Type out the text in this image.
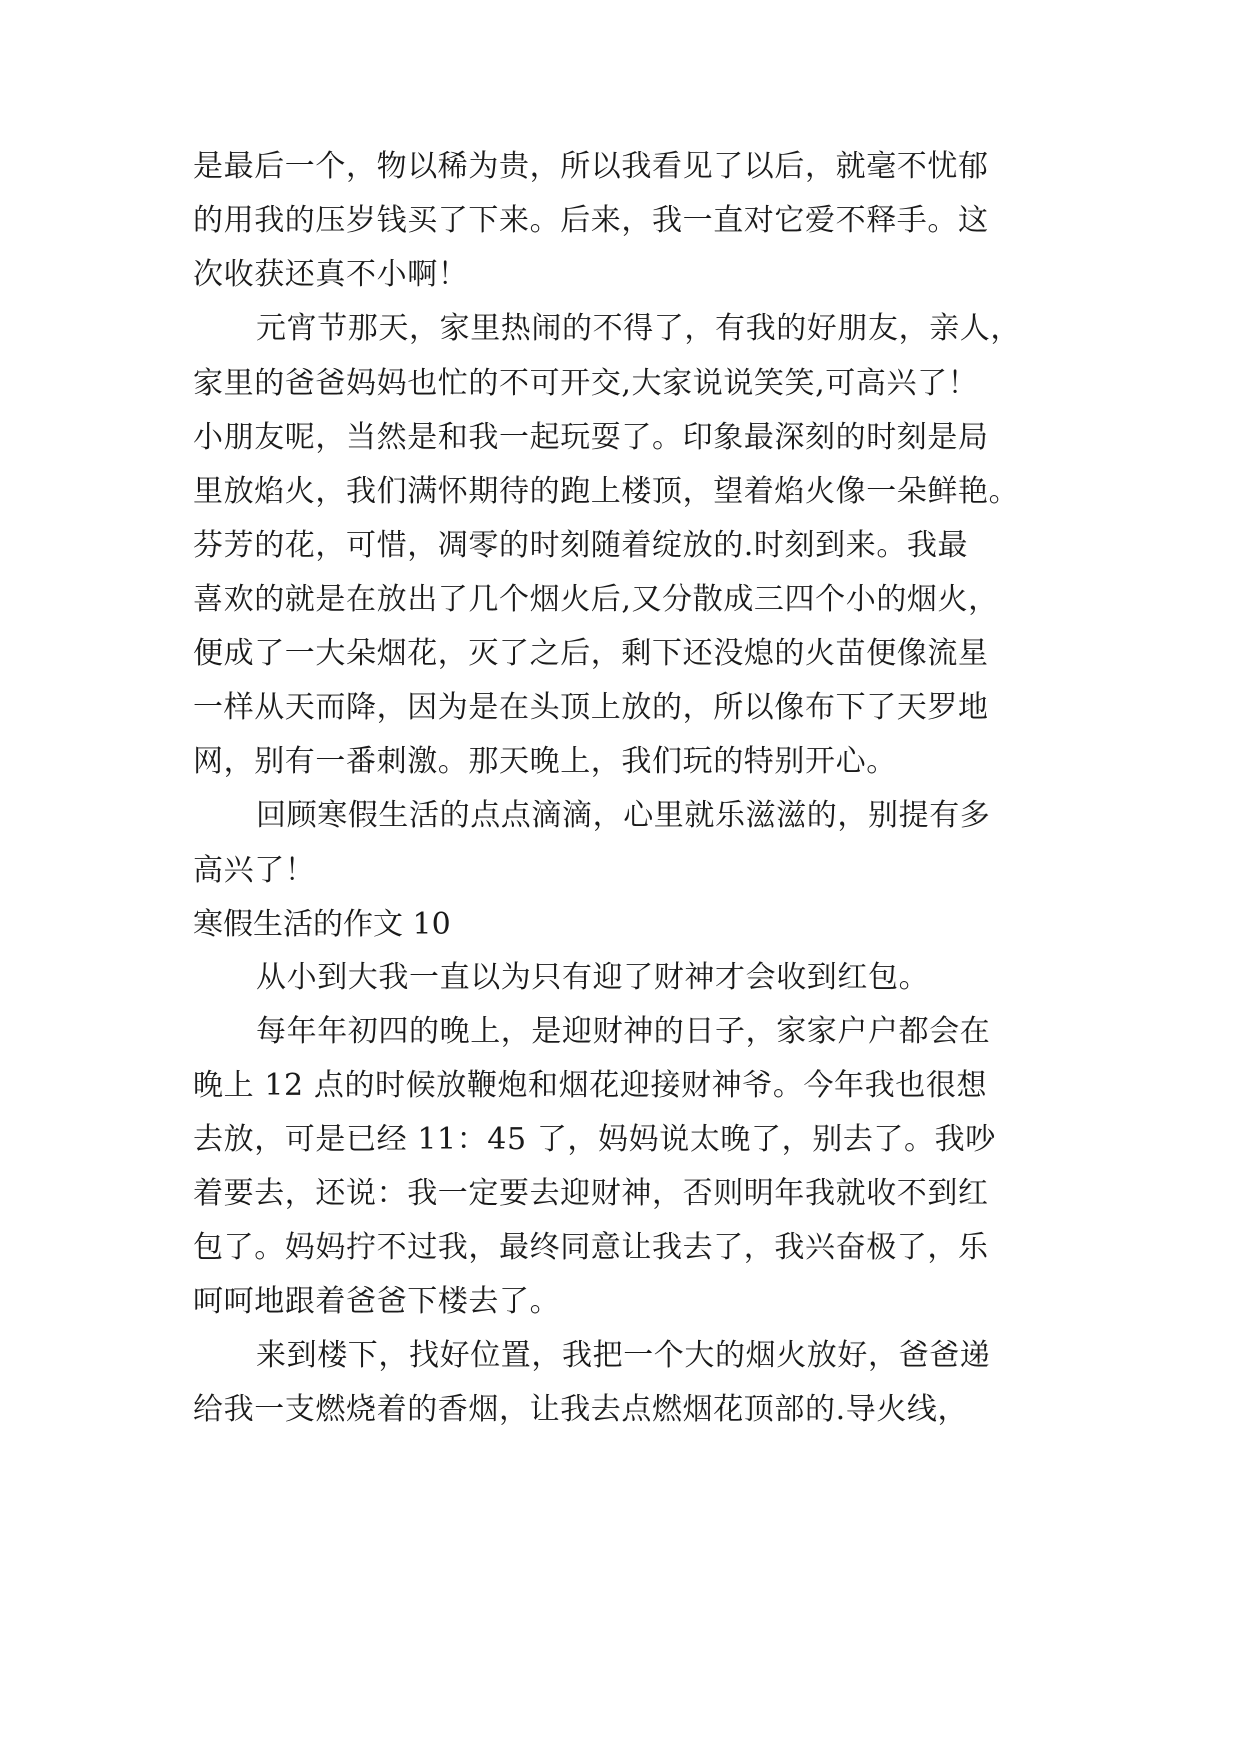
是最后一个，物以稀为贵，所以我看见了以后，就毫不忧郁

的用我的压岁钱买了下来。后来，我一直对它爱不释手。这

次收获还真不小啊！

元宵节那天，家里热闹的不得了，有我的好朋友，亲人，

家里的爸爸妈妈也忙的不可开交,大家说说笑笑,可高兴了！

小朋友呢，当然是和我一起玩耍了。印象最深刻的时刻是局

里放焰火，我们满怀期待的跑上楼顶，望着焰火像一朵鲜艳。

芬芳的花，可惜，凋零的时刻随着绽放的.时刻到来。我最

喜欢的就是在放出了几个烟火后,又分散成三四个小的烟火，

便成了一大朵烟花，灭了之后，剩下还没熄的火苗便像流星

一样从天而降，因为是在头顶上放的，所以像布下了天罗地

网，别有一番刺激。那天晚上，我们玩的特别开心。

回顾寒假生活的点点滴滴，心里就乐滋滋的，别提有多

高兴了！

寒假生活的作文 10

从小到大我一直以为只有迎了财神才会收到红包。

每年年初四的晚上，是迎财神的日子，家家户户都会在

晚上 12 点的时候放鞭炮和烟花迎接财神爷。今年我也很想

去放，可是已经 11：45 了，妈妈说太晚了，别去了。我吵

着要去，还说：我一定要去迎财神，否则明年我就收不到红

包了。妈妈拧不过我，最终同意让我去了，我兴奋极了，乐

呵呵地跟着爸爸下楼去了。

来到楼下，找好位置，我把一个大的烟火放好，爸爸递

给我一支燃烧着的香烟，让我去点燃烟花顶部的.导火线，
